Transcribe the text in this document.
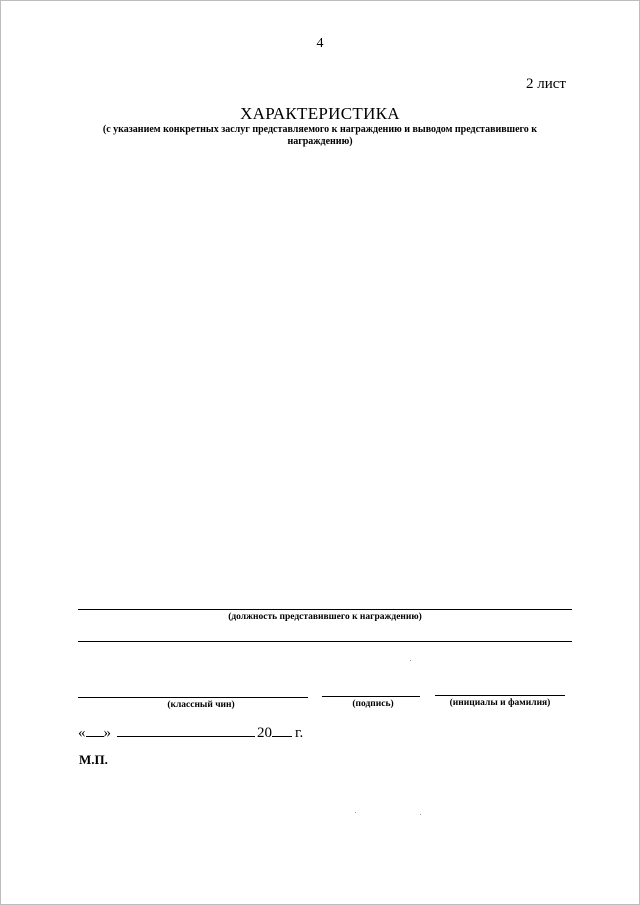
4
2 лист
ХАРАКТЕРИСТИКА
(с указанием конкретных заслуг представляемого к награждению и выводом представившего к награждению)
(должность представившего к награждению)
(классный чин)	(подпись)	(инициалы и фамилия)
« »	20 г.
М.П.
